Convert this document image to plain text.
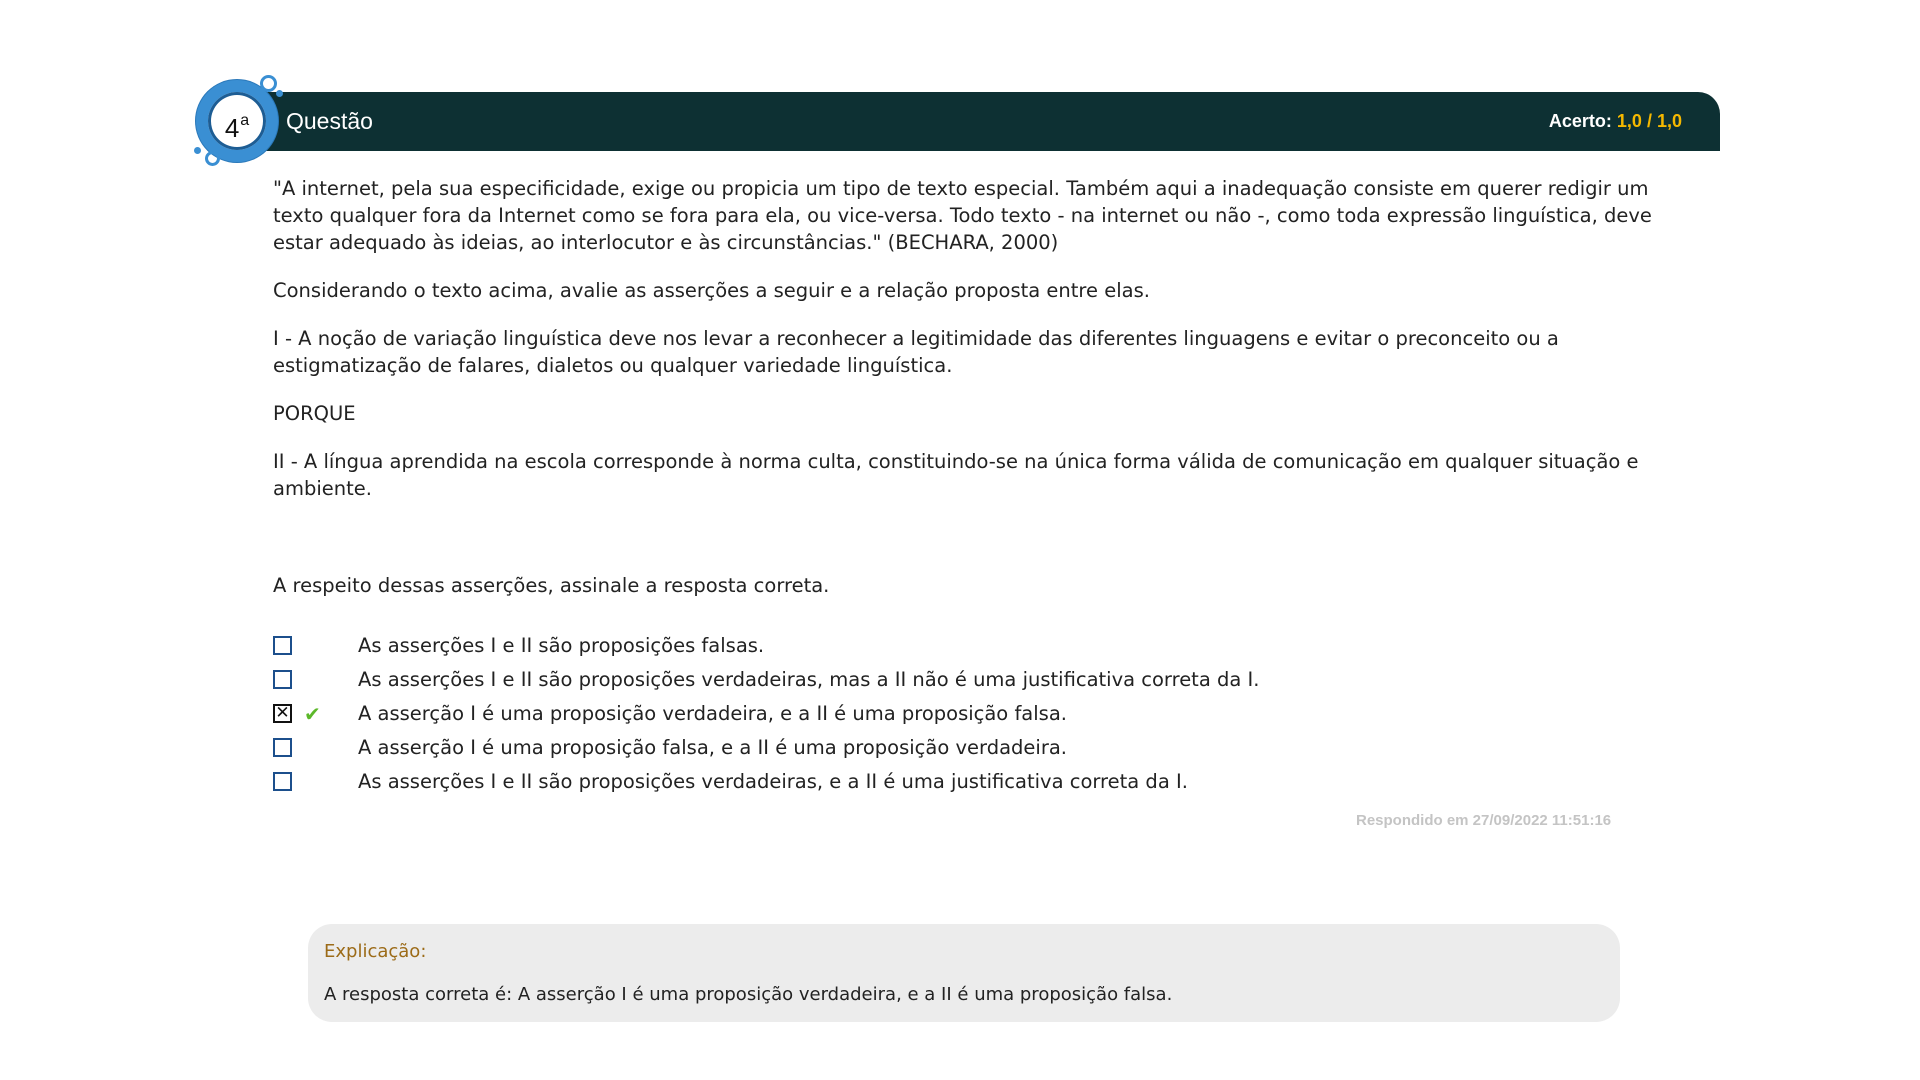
Questão	Acerto: 1,0 / 1,0
4$^a$

"A internet, pela sua especificidade, exige ou propicia um tipo de texto especial. Também aqui a inadequação consiste em querer redigir um texto qualquer fora da Internet como se fora para ela, ou vice-versa. Todo texto - na internet ou não -, como toda expressão linguística, deve estar adequado às ideias, ao interlocutor e às circunstâncias." (BECHARA, 2000)

Considerando o texto acima, avalie as asserções a seguir e a relação proposta entre elas.

I - A noção de variação linguística deve nos levar a reconhecer a legitimidade das diferentes linguagens e evitar o preconceito ou a estigmatização de falares, dialetos ou qualquer variedade linguística.

PORQUE

II - A língua aprendida na escola corresponde à norma culta, constituindo-se na única forma válida de comunicação em qualquer situação e ambiente.

A respeito dessas asserções, assinale a resposta correta.

As asserções I e II são proposições falsas.
As asserções I e II são proposições verdadeiras, mas a II não é uma justificativa correta da I.
✕ ✔ A asserção I é uma proposição verdadeira, e a II é uma proposição falsa.
A asserção I é uma proposição falsa, e a II é uma proposição verdadeira.
As asserções I e II são proposições verdadeiras, e a II é uma justificativa correta da I.
Respondido em 27/09/2022 11:51:16
Explicação:
A resposta correta é: A asserção I é uma proposição verdadeira, e a II é uma proposição falsa.
